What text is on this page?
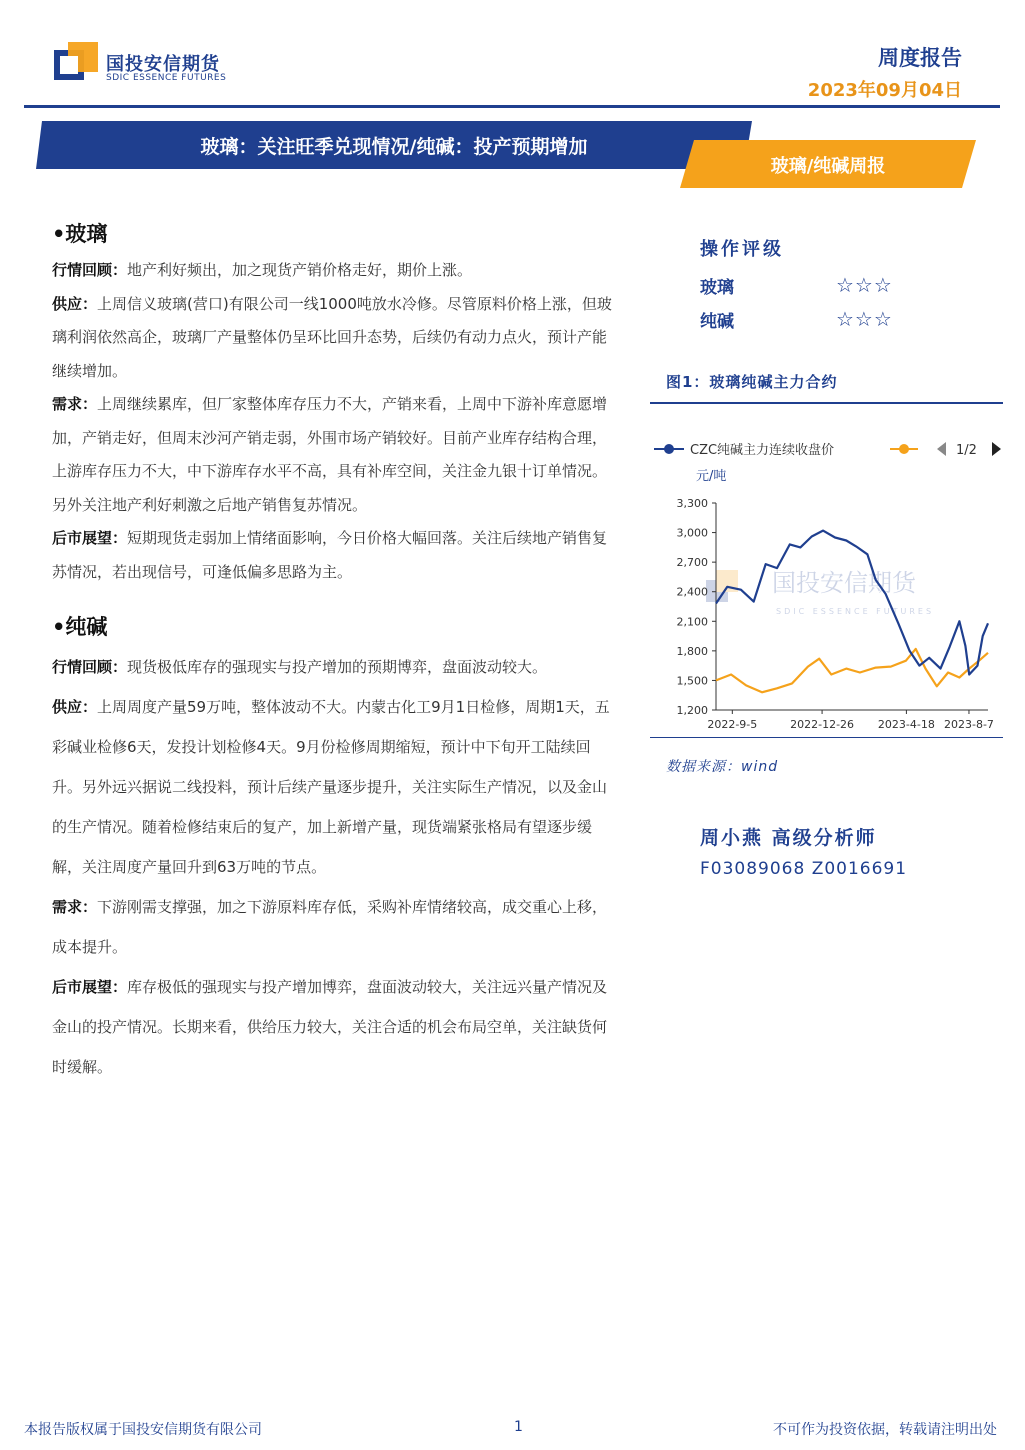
国投安信期货
SDIC ESSENCE FUTURES
周度报告
2023年09月04日
玻璃：关注旺季兑现情况/纯碱：投产预期增加
玻璃/纯碱周报
•玻璃

行情回顾：地产利好频出，加之现货产销价格走好，期价上涨。

供应：上周信义玻璃(营口)有限公司一线1000吨放水冷修。尽管原料价格上涨，但玻璃利润依然高企，玻璃厂产量整体仍呈环比回升态势，后续仍有动力点火，预计产能继续增加。

需求：上周继续累库，但厂家整体库存压力不大，产销来看，上周中下游补库意愿增加，产销走好，但周末沙河产销走弱，外围市场产销较好。目前产业库存结构合理，上游库存压力不大，中下游库存水平不高，具有补库空间，关注金九银十订单情况。另外关注地产利好刺激之后地产销售复苏情况。

后市展望：短期现货走弱加上情绪面影响，今日价格大幅回落。关注后续地产销售复苏情况，若出现信号，可逢低偏多思路为主。

•纯碱

行情回顾：现货极低库存的强现实与投产增加的预期博弈，盘面波动较大。

供应：上周周度产量59万吨，整体波动不大。内蒙古化工9月1日检修，周期1天，五彩碱业检修6天，发投计划检修4天。9月份检修周期缩短，预计中下旬开工陆续回升。另外远兴据说二线投料，预计后续产量逐步提升，关注实际生产情况，以及金山的生产情况。随着检修结束后的复产，加上新增产量，现货端紧张格局有望逐步缓解，关注周度产量回升到63万吨的节点。

需求：下游刚需支撑强，加之下游原料库存低，采购补库情绪较高，成交重心上移，成本提升。

后市展望：库存极低的强现实与投产增加博弈，盘面波动较大，关注远兴量产情况及金山的投产情况。长期来看，供给压力较大，关注合适的机会布局空单，关注缺货何时缓解。

操作评级
玻璃	☆☆☆
纯碱	☆☆☆
图1：玻璃纯碱主力合约
国投安信期货
SDIC ESSENCE FUTURES
CZC纯碱主力连续收盘价
元/吨
1/2
1,200
1,500
1,800
2,100
2,400
2,700
3,000
3,300
2022-9-5	2022-12-26 2023-4-18 2023-8-7
数据来源：wind
周小燕 高级分析师
F03089068 Z0016691
本报告版权属于国投安信期货有限公司	1	不可作为投资依据，转载请注明出处
